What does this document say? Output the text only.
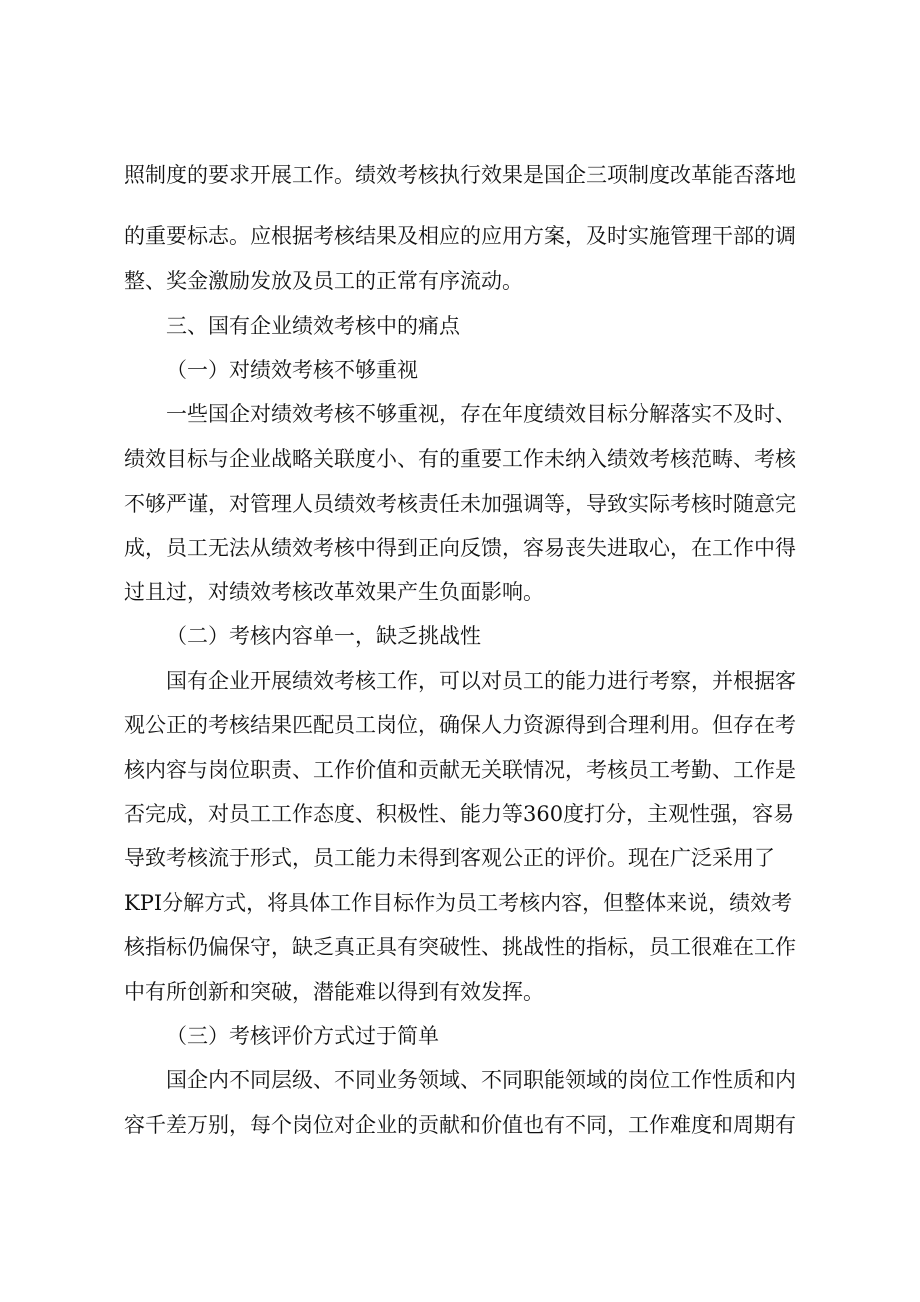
照制度的要求开展工作。绩效考核执行效果是国企三项制度改革能否落地

的重要标志。应根据考核结果及相应的应用方案，及时实施管理干部的调

整、奖金激励发放及员工的正常有序流动。

三、国有企业绩效考核中的痛点

（一）对绩效考核不够重视

一些国企对绩效考核不够重视，存在年度绩效目标分解落实不及时、

绩效目标与企业战略关联度小、有的重要工作未纳入绩效考核范畴、考核

不够严谨，对管理人员绩效考核责任未加强调等，导致实际考核时随意完

成，员工无法从绩效考核中得到正向反馈，容易丧失进取心，在工作中得

过且过，对绩效考核改革效果产生负面影响。

（二）考核内容单一，缺乏挑战性

国有企业开展绩效考核工作，可以对员工的能力进行考察，并根据客

观公正的考核结果匹配员工岗位，确保人力资源得到合理利用。但存在考

核内容与岗位职责、工作价值和贡献无关联情况，考核员工考勤、工作是

否完成，对员工工作态度、积极性、能力等360度打分，主观性强，容易

导致考核流于形式，员工能力未得到客观公正的评价。现在广泛采用了

KPI分解方式，将具体工作目标作为员工考核内容，但整体来说，绩效考

核指标仍偏保守，缺乏真正具有突破性、挑战性的指标，员工很难在工作

中有所创新和突破，潜能难以得到有效发挥。

（三）考核评价方式过于简单

国企内不同层级、不同业务领域、不同职能领域的岗位工作性质和内

容千差万别，每个岗位对企业的贡献和价值也有不同，工作难度和周期有
